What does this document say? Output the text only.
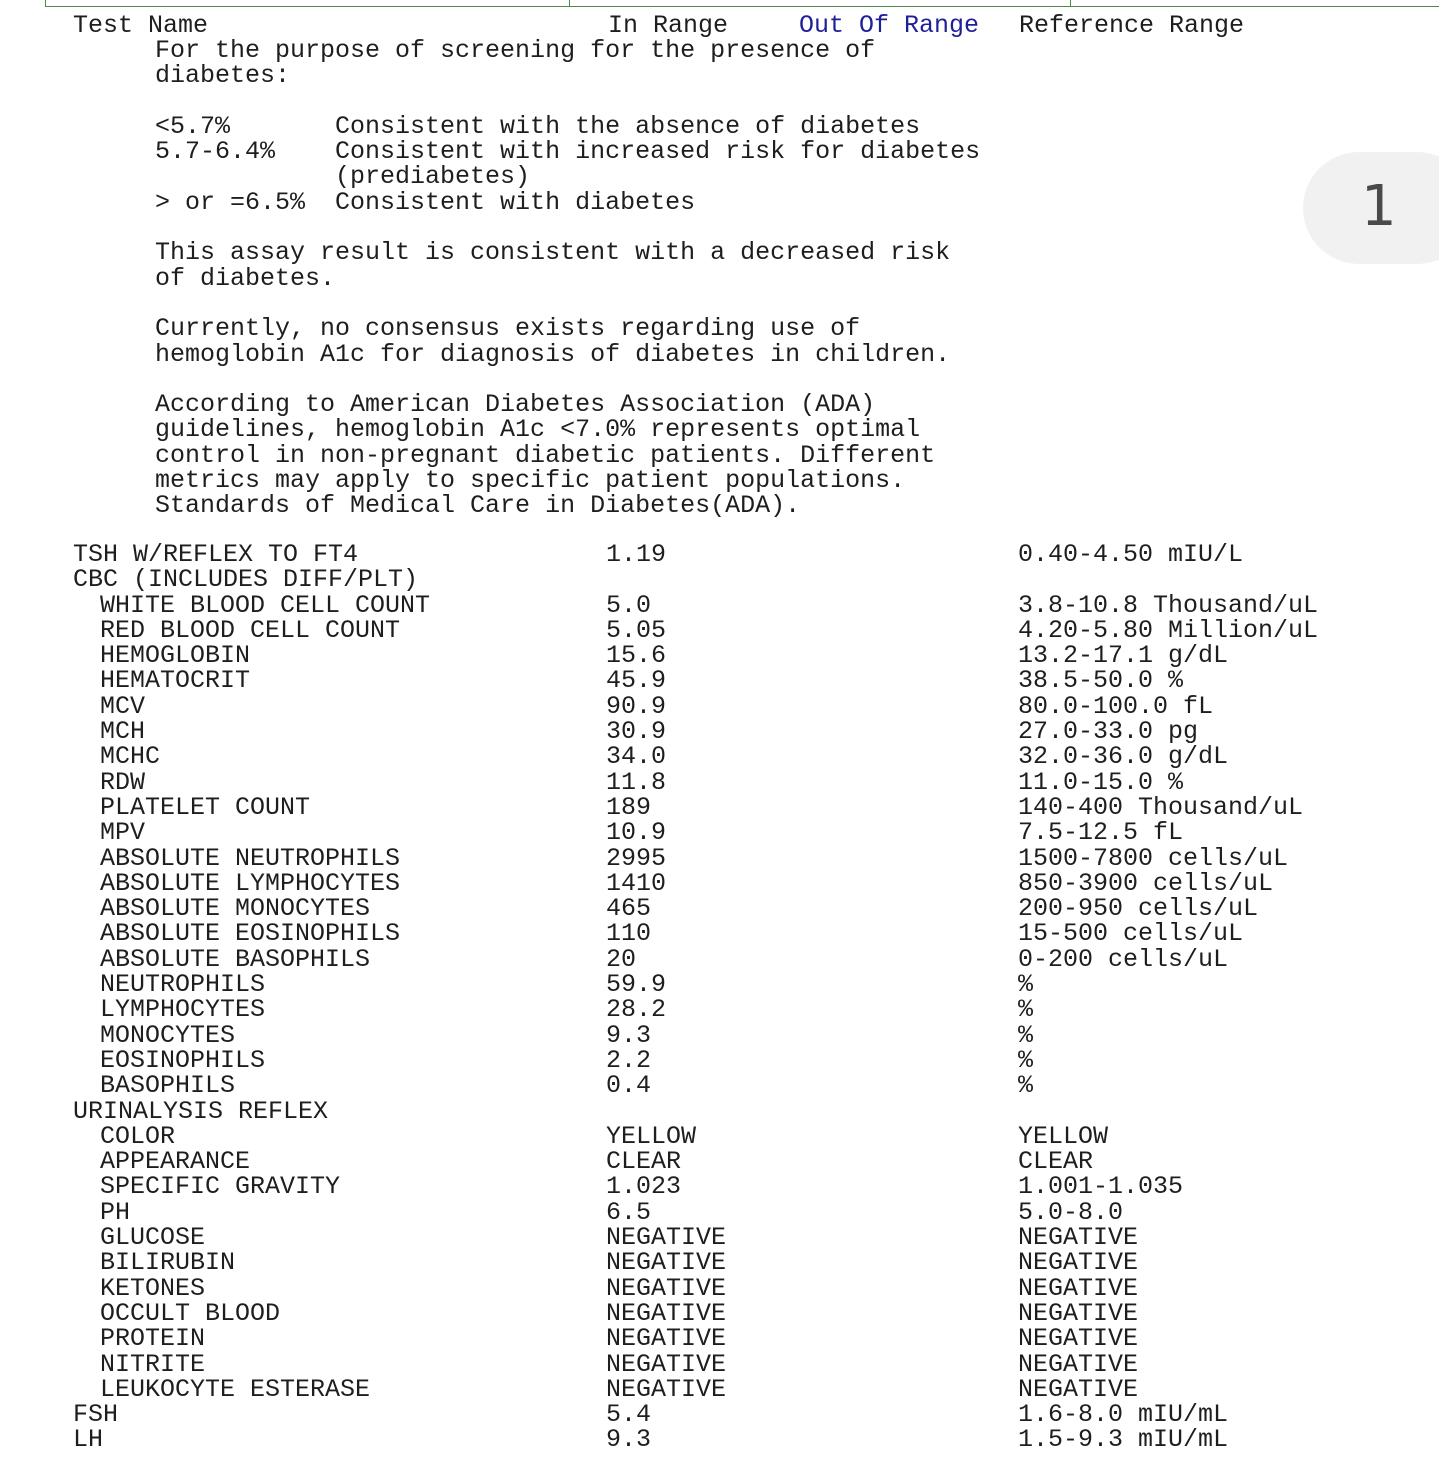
Test Name	In Range	Out Of Range Reference Range
For the purpose of screening for the presence of
diabetes:
<5.7%       Consistent with the absence of diabetes
5.7-6.4%    Consistent with increased risk for diabetes
(prediabetes)
> or =6.5%  Consistent with diabetes
This assay result is consistent with a decreased risk
of diabetes.
Currently, no consensus exists regarding use of
hemoglobin A1c for diagnosis of diabetes in children.
According to American Diabetes Association (ADA)
guidelines, hemoglobin A1c <7.0% represents optimal
control in non-pregnant diabetic patients. Different
metrics may apply to specific patient populations.
Standards of Medical Care in Diabetes(ADA).
TSH W/REFLEX TO FT4	1.19	0.40-4.50 mIU/L
CBC (INCLUDES DIFF/PLT)
WHITE BLOOD CELL COUNT	5.0	3.8-10.8 Thousand/uL
RED BLOOD CELL COUNT	5.05	4.20-5.80 Million/uL
HEMOGLOBIN	15.6	13.2-17.1 g/dL
HEMATOCRIT	45.9	38.5-50.0 %
MCV	90.9	80.0-100.0 fL
MCH	30.9	27.0-33.0 pg
MCHC	34.0	32.0-36.0 g/dL
RDW	11.8	11.0-15.0 %
PLATELET COUNT	189	140-400 Thousand/uL
MPV	10.9	7.5-12.5 fL
ABSOLUTE NEUTROPHILS	2995	1500-7800 cells/uL
ABSOLUTE LYMPHOCYTES	1410	850-3900 cells/uL
ABSOLUTE MONOCYTES	465	200-950 cells/uL
ABSOLUTE EOSINOPHILS	110	15-500 cells/uL
ABSOLUTE BASOPHILS	20	0-200 cells/uL
NEUTROPHILS	59.9	%
LYMPHOCYTES	28.2	%
MONOCYTES	9.3	%
EOSINOPHILS	2.2	%
BASOPHILS	0.4	%
URINALYSIS REFLEX
COLOR	YELLOW	YELLOW
APPEARANCE	CLEAR	CLEAR
SPECIFIC GRAVITY	1.023	1.001-1.035
PH	6.5	5.0-8.0
GLUCOSE	NEGATIVE	NEGATIVE
BILIRUBIN	NEGATIVE	NEGATIVE
KETONES	NEGATIVE	NEGATIVE
OCCULT BLOOD	NEGATIVE	NEGATIVE
PROTEIN	NEGATIVE	NEGATIVE
NITRITE	NEGATIVE	NEGATIVE
LEUKOCYTE ESTERASE	NEGATIVE	NEGATIVE
FSH	5.4	1.6-8.0 mIU/mL
LH	9.3	1.5-9.3 mIU/mL
1
